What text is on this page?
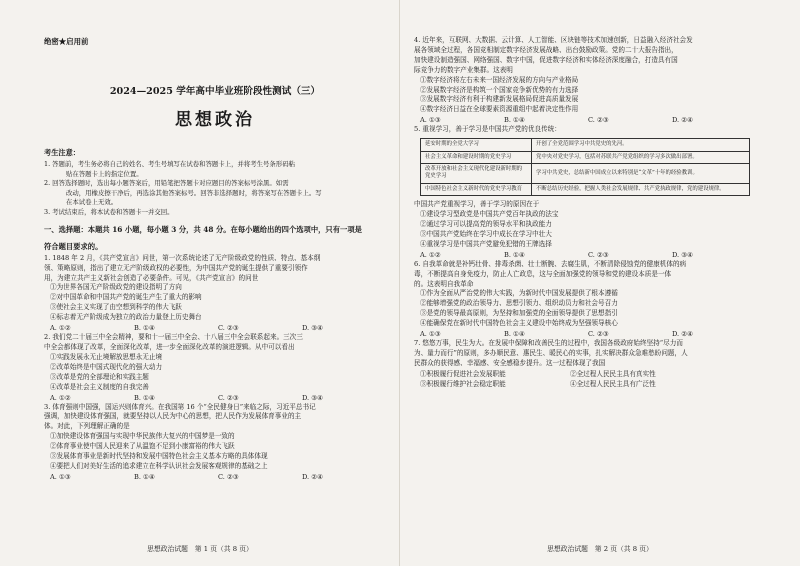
绝密★启用前
2024—2025 学年高中毕业班阶段性测试（三）
思想政治
考生注意：
1. 答题前，考生务必将自己的姓名、考生号填写在试卷和答题卡上，并将考生号条形码粘
贴在答题卡上的指定位置。
2. 回答选择题时，选出每小题答案后，用铅笔把答题卡对应题目的答案标号涂黑。如需
改动，用橡皮擦干净后，再选涂其他答案标号。回答非选择题时，将答案写在答题卡上。写
在本试卷上无效。
3. 考试结束后，将本试卷和答题卡一并交回。
一、选择题：本题共 16 小题，每小题 3 分，共 48 分。在每小题给出的四个选项中，只有一项是
符合题目要求的。
1. 1848 年 2 月，《共产党宣言》问世，第一次系统论述了无产阶级政党的性质、特点、基本纲
领、策略原则，指出了建立无产阶级政权的必要性，为中国共产党的诞生提供了重要引领作
用，为建立共产主义新社会创造了必要条件。可见，《共产党宣言》的问世
①为世界各国无产阶级政党的建设指明了方向
②对中国革命和中国共产党的诞生产生了重大的影响
③使社会主义实现了由空想到科学的伟大飞跃
④标志着无产阶级成为独立的政治力量登上历史舞台
A. ①②	B. ①④	C. ②③	D. ③④
2. 我们党二十届三中全会精神，要和十一届三中全会、十八届三中全会联系起来。三次三
中全会都体现了改革，全面深化改革，进一步全面深化改革的演进逻辑。从中可以看出
①实践发展永无止境解放思想永无止境
②改革始终是中国式现代化的强大动力
③改革是党的全部理论和实践主题
④改革是社会主义制度的自我完善
A. ①②	B. ①④	C. ②③	D. ③④
3. 体育强则中国强，国运兴则体育兴。在我国第 16 个“全民健身日”来临之际，习近平总书记
强调，加快建设体育强国，就要坚持以人民为中心的思想，把人民作为发展体育事业的主
体。对此，下列理解正确的是
①加快建设体育强国与实现中华民族伟大复兴的中国梦是一致的
②体育事业使中国人民迎来了从温饱不足到小康富裕的伟大飞跃
③发展体育事业是新时代坚持和发展中国特色社会主义基本方略的具体体现
④要把人们对美好生活的追求建立在科学认识社会发展客观规律的基础之上
A. ①③	B. ①④	C. ②③	D. ②④
思想政治试题　第 1 页（共 8 页）
4. 近年来，互联网、大数据、云计算、人工智能、区块链等技术加速创新，日益融入经济社会发
展各领域全过程，各国竞相制定数字经济发展战略、出台鼓励政策。党的二十大报告指出，
加快建设制造强国、网络强国、数字中国，促进数字经济和实体经济深度融合，打造具有国
际竞争力的数字产业集群。这表明
①数字经济将左右未来一国经济发展的方向与产业格局
②发展数字经济是构筑一个国家竞争新优势的有力选择
③发展数字经济有利于构建新发展格局促进高质量发展
④数字经济日益在全球要素资源重组中起着决定性作用
A. ①③	B. ①④	C. ②③	D. ②④
5. 重视学习，善于学习是中国共产党的优良传统：
延安时期的全党大学习	开创了全党范围学习中共党史的先河。
社会主义革命和建设时期的党史学习	党中央对党史学习，包括对苏联共产党党组织的学习多次做出部署。
改革开放和社会主义现代化建设新时期的党史学习	学习中共党史，总结新中国成立以来特别是“文革”十年的经验教训。
中国特色社会主义新时代的党史学习教育	不断总结历史经验，把握人类社会发展规律、共产党执政规律，党的建设规律。
中国共产党重视学习，善于学习的原因在于
①建设学习型政党是中国共产党百年执政的法宝
②通过学习可以提高党的领导水平和执政能力
③中国共产党始终在学习中成长在学习中壮大
④重视学习是中国共产党避免犯错的王牌选择
A. ①②	B. ①④	C. ②③	D. ③④
6. 自我革命就是补钙壮骨、排毒杀菌、壮士断腕、去腐生肌，不断清除侵蚀党的健康机体的病
毒，不断提高自身免疫力，防止人亡政息，这与全面加强党的领导和党的建设本质是一体
的。这表明自我革命
①作为全面从严治党的伟大实践，为新时代中国发展提供了根本遵循
②能够增强党的政治领导力、思想引领力、组织动员力和社会号召力
③是党的领导最高原则，为坚持和加强党的全面领导提供了思想指引
④能确保党在新时代中国特色社会主义建设中始终成为坚强领导核心
A. ①③	B. ①④	C. ②③	D. ②④
7. 悠悠万事，民生为大。在发展中保障和改善民生的过程中，我国各级政府始终坚持“尽力而
为、量力而行”的原则，多办顺民意、惠民生、暖民心的实事，扎实解决群众急难愁盼问题，人
民群众的获得感、幸福感、安全感稳步提升。这一过程体现了我国
①积极履行促进社会发展职能	②全过程人民民主具有真实性
③积极履行维护社会稳定职能	④全过程人民民主具有广泛性
思想政治试题　第 2 页（共 8 页）
